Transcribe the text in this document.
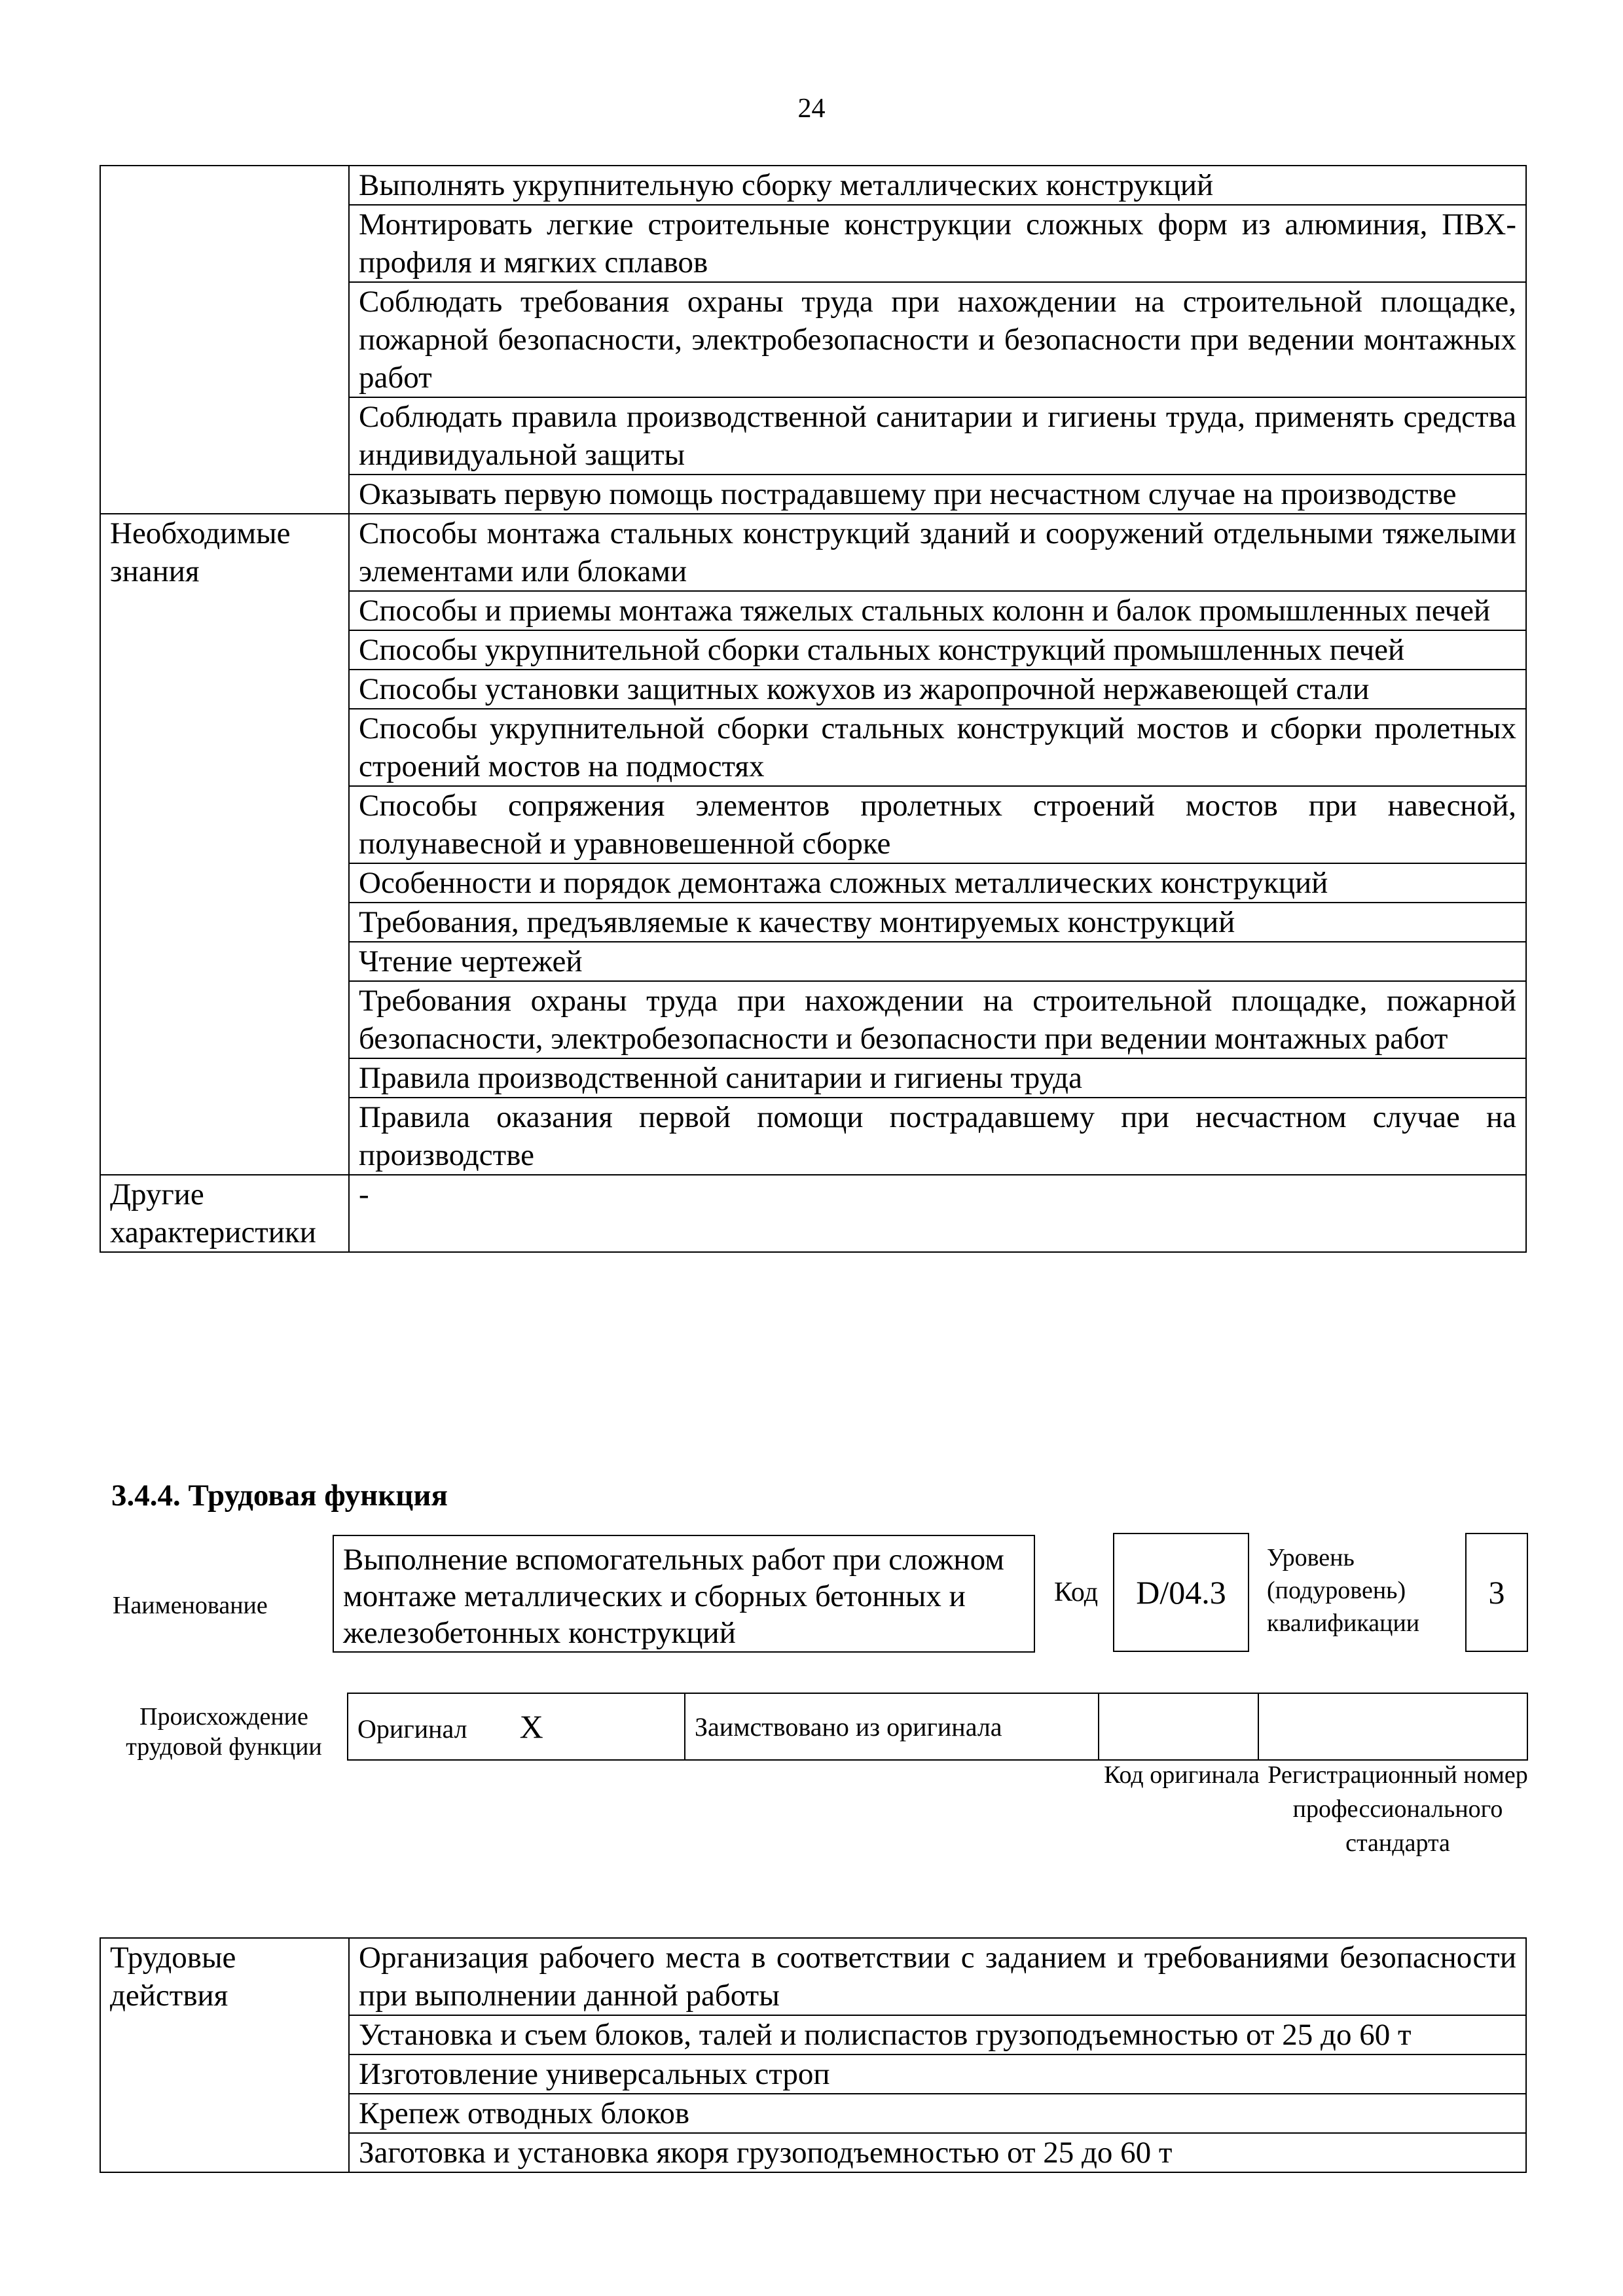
24
	Выполнять укрупнительную сборку металлических конструкций
	Монтировать легкие строительные конструкции сложных форм из алюминия, ПВХ-профиля и мягких сплавов
	Соблюдать требования охраны труда при нахождении на строительной площадке, пожарной безопасности, электробезопасности и безопасности при ведении монтажных работ
	Соблюдать правила производственной санитарии и гигиены труда, применять средства индивидуальной защиты
	Оказывать первую помощь пострадавшему при несчастном случае на производстве
Необходимые знания	Способы монтажа стальных конструкций зданий и сооружений отдельными тяжелыми элементами или блоками
	Способы и приемы монтажа тяжелых стальных колонн и балок промышленных печей
	Способы укрупнительной сборки стальных конструкций промышленных печей
	Способы установки защитных кожухов из жаропрочной нержавеющей стали
	Способы укрупнительной сборки стальных конструкций мостов и сборки пролетных строений мостов на подмостях
	Способы сопряжения элементов пролетных строений мостов при навесной, полунавесной и уравновешенной сборке
	Особенности и порядок демонтажа сложных металлических конструкций
	Требования, предъявляемые к качеству монтируемых конструкций
	Чтение чертежей
	Требования охраны труда при нахождении на строительной площадке, пожарной безопасности, электробезопасности и безопасности при ведении монтажных работ
	Правила производственной санитарии и гигиены труда
	Правила оказания первой помощи пострадавшему при несчастном случае на производстве
Другие характеристики	-
3.4.4. Трудовая функция
Наименование
Выполнение вспомогательных работ при сложном монтаже металлических и сборных бетонных и железобетонных конструкций
Код	D/04.3
Уровень (подуровень) квалификации
3
Происхождение трудовой функции
Оригинал X	Заимствовано из оригинала		
Код оригинала Регистрационный номер профессионального стандарта
Трудовые действия	Организация рабочего места в соответствии с заданием и требованиями безопасности при выполнении данной работы
Установка и съем блоков, талей и полиспастов грузоподъемностью от 25 до 60 т
Изготовление универсальных строп
Крепеж отводных блоков
Заготовка и установка якоря грузоподъемностью от 25 до 60 т
